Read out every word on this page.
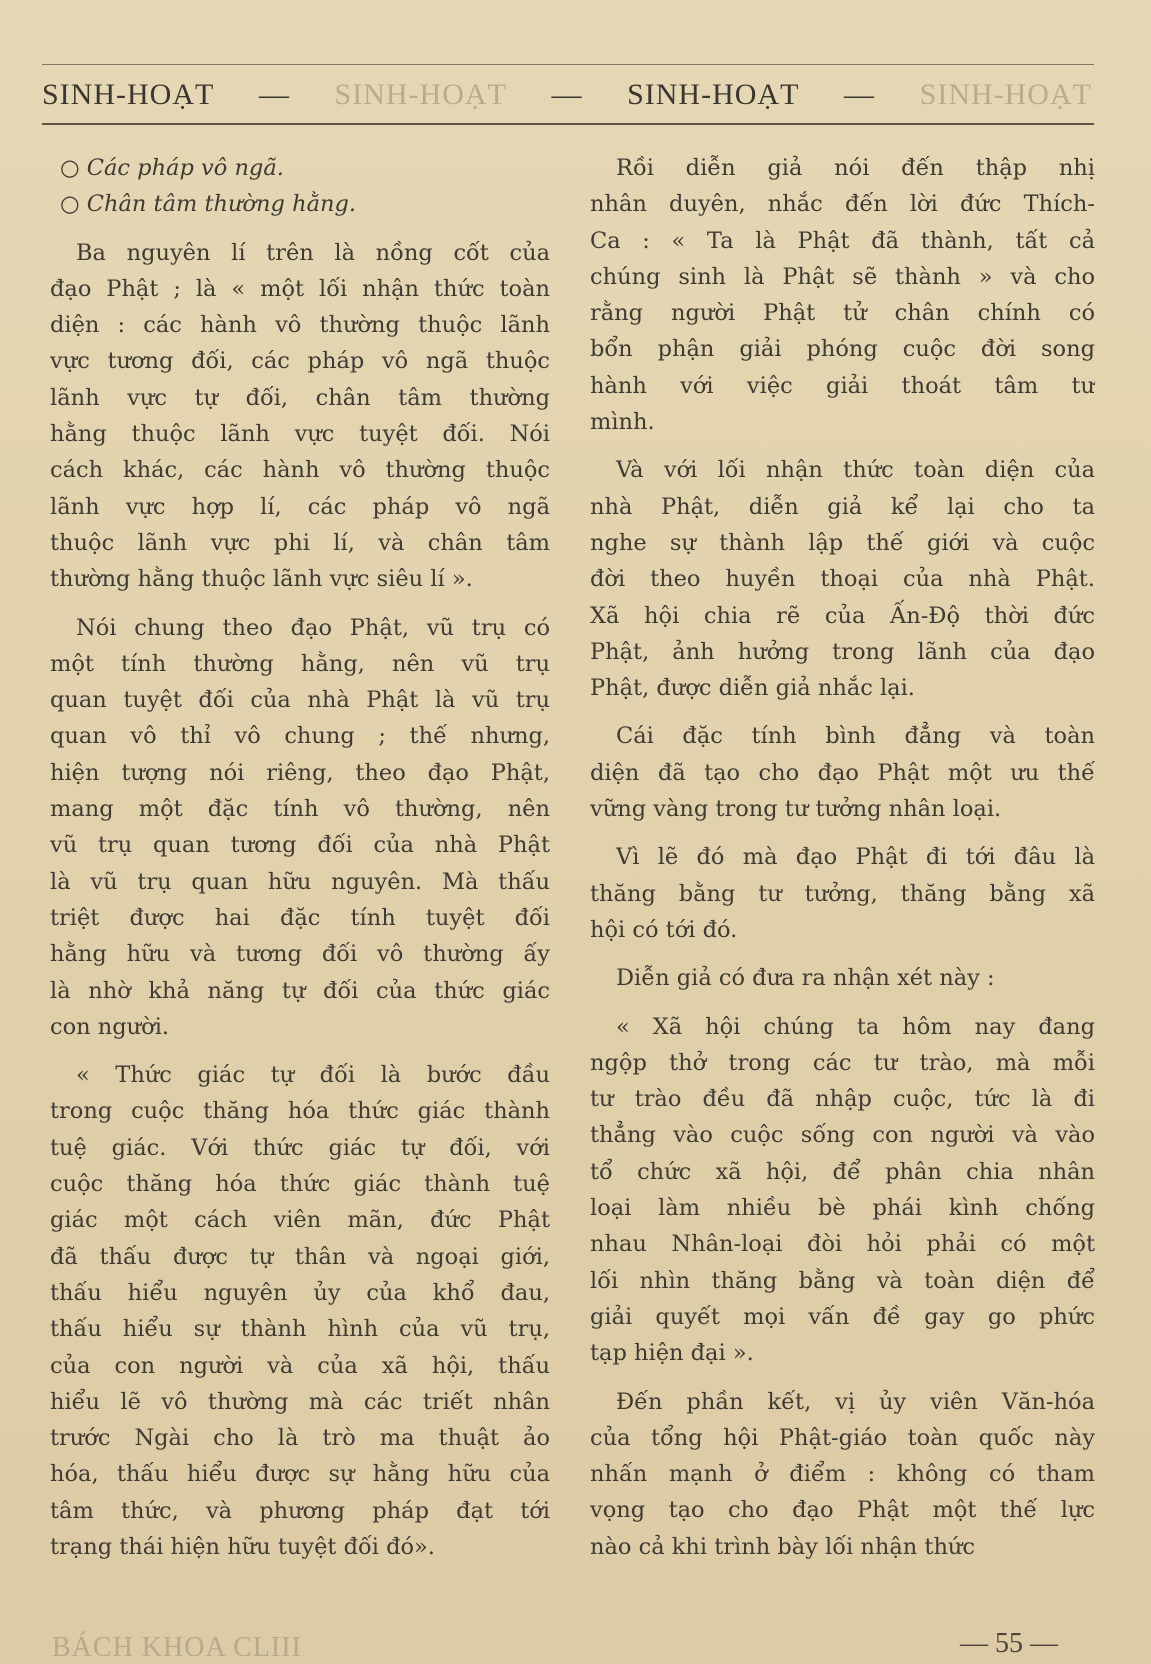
SINH-HOẠT — SINH-HOẠT — SINH-HOẠT — SINH-HOẠT
○ Các pháp vô ngã.
○ Chân tâm thường hằng.
Ba nguyên lí trên là nồng cốt của
đạo Phật ; là « một lối nhận thức toàn
diện : các hành vô thường thuộc lãnh
vực tương đối, các pháp vô ngã thuộc
lãnh vực tự đối, chân tâm thường
hằng thuộc lãnh vực tuyệt đối. Nói
cách khác, các hành vô thường thuộc
lãnh vực hợp lí, các pháp vô ngã
thuộc lãnh vực phi lí, và chân tâm
thường hằng thuộc lãnh vực siêu lí ».
Nói chung theo đạo Phật, vũ trụ có
một tính thường hằng, nên vũ trụ
quan tuyệt đối của nhà Phật là vũ trụ
quan vô thỉ vô chung ; thế nhưng,
hiện tượng nói riêng, theo đạo Phật,
mang một đặc tính vô thường, nên
vũ trụ quan tương đối của nhà Phật
là vũ trụ quan hữu nguyên. Mà thấu
triệt được hai đặc tính tuyệt đối
hằng hữu và tương đối vô thường ấy
là nhờ khả năng tự đối của thức giác
con người.
« Thức giác tự đối là bước đầu
trong cuộc thăng hóa thức giác thành
tuệ giác. Với thức giác tự đối, với
cuộc thăng hóa thức giác thành tuệ
giác một cách viên mãn, đức Phật
đã thấu được tự thân và ngoại giới,
thấu hiểu nguyên ủy của khổ đau,
thấu hiểu sự thành hình của vũ trụ,
của con người và của xã hội, thấu
hiểu lẽ vô thường mà các triết nhân
trước Ngài cho là trò ma thuật ảo
hóa, thấu hiểu được sự hằng hữu của
tâm thức, và phương pháp đạt tới
trạng thái hiện hữu tuyệt đối đó».
Rồi diễn giả nói đến thập nhị
nhân duyên, nhắc đến lời đức Thích-
Ca : « Ta là Phật đã thành, tất cả
chúng sinh là Phật sẽ thành » và cho
rằng người Phật tử chân chính có
bổn phận giải phóng cuộc đời song
hành với việc giải thoát tâm tư
mình.
Và với lối nhận thức toàn diện của
nhà Phật, diễn giả kể lại cho ta
nghe sự thành lập thế giới và cuộc
đời theo huyền thoại của nhà Phật.
Xã hội chia rẽ của Ấn-Độ thời đức
Phật, ảnh hưởng trong lãnh của đạo
Phật, được diễn giả nhắc lại.
Cái đặc tính bình đẳng và toàn
diện đã tạo cho đạo Phật một ưu thế
vững vàng trong tư tưởng nhân loại.
Vì lẽ đó mà đạo Phật đi tới đâu là
thăng bằng tư tưởng, thăng bằng xã
hội có tới đó.
Diễn giả có đưa ra nhận xét này :
« Xã hội chúng ta hôm nay đang
ngộp thở trong các tư trào, mà mỗi
tư trào đều đã nhập cuộc, tức là đi
thẳng vào cuộc sống con người và vào
tổ chức xã hội, để phân chia nhân
loại làm nhiều bè phái kình chống
nhau Nhân-loại đòi hỏi phải có một
lối nhìn thăng bằng và toàn diện để
giải quyết mọi vấn đề gay go phức
tạp hiện đại ».
Đến phần kết, vị ủy viên Văn-hóa
của tổng hội Phật-giáo toàn quốc này
nhấn mạnh ở điểm : không có tham
vọng tạo cho đạo Phật một thế lực
nào cả khi trình bày lối nhận thức
BÁCH KHOA CLIII	— 55 —
